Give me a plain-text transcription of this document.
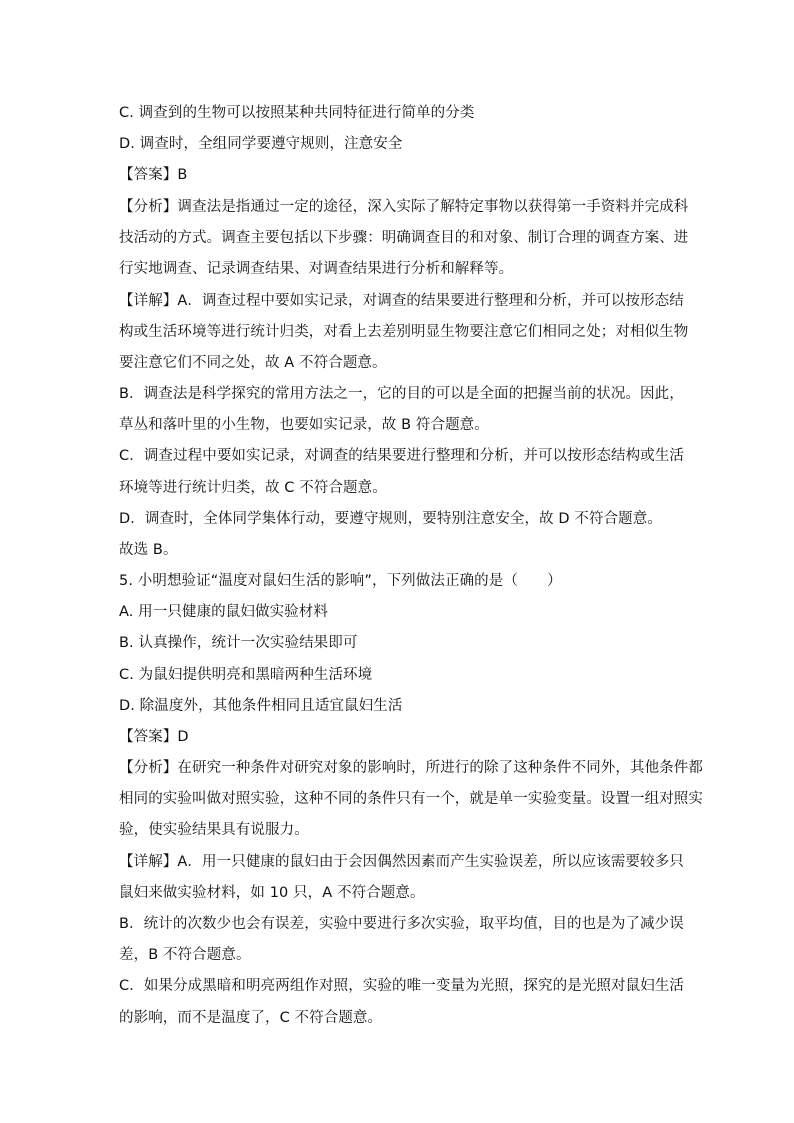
C. 调查到的生物可以按照某种共同特征进行简单的分类
D. 调查时，全组同学要遵守规则，注意安全
【答案】B
【分析】调查法是指通过一定的途径，深入实际了解特定事物以获得第一手资料并完成科
技活动的方式。调查主要包括以下步骤：明确调查目的和对象、制订合理的调查方案、进
行实地调查、记录调查结果、对调查结果进行分析和解释等。
【详解】A．调查过程中要如实记录，对调查的结果要进行整理和分析，并可以按形态结
构或生活环境等进行统计归类，对看上去差别明显生物要注意它们相同之处；对相似生物
要注意它们不同之处，故 A 不符合题意。
B．调查法是科学探究的常用方法之一，它的目的可以是全面的把握当前的状况。因此，
草丛和落叶里的小生物，也要如实记录，故 B 符合题意。
C．调查过程中要如实记录，对调查的结果要进行整理和分析，并可以按形态结构或生活
环境等进行统计归类，故 C 不符合题意。
D．调查时，全体同学集体行动，要遵守规则，要特别注意安全，故 D 不符合题意。
故选 B。
5. 小明想验证“温度对鼠妇生活的影响”，下列做法正确的是（　　）
A. 用一只健康的鼠妇做实验材料
B. 认真操作，统计一次实验结果即可
C. 为鼠妇提供明亮和黑暗两种生活环境
D. 除温度外，其他条件相同且适宜鼠妇生活
【答案】D
【分析】在研究一种条件对研究对象的影响时，所进行的除了这种条件不同外，其他条件都
相同的实验叫做对照实验，这种不同的条件只有一个，就是单一实验变量。设置一组对照实
验，使实验结果具有说服力。
【详解】A．用一只健康的鼠妇由于会因偶然因素而产生实验误差，所以应该需要较多只
鼠妇来做实验材料，如 10 只，A 不符合题意。
B．统计的次数少也会有误差，实验中要进行多次实验，取平均值，目的也是为了减少误
差，B 不符合题意。
C．如果分成黑暗和明亮两组作对照，实验的唯一变量为光照，探究的是光照对鼠妇生活
的影响，而不是温度了，C 不符合题意。
